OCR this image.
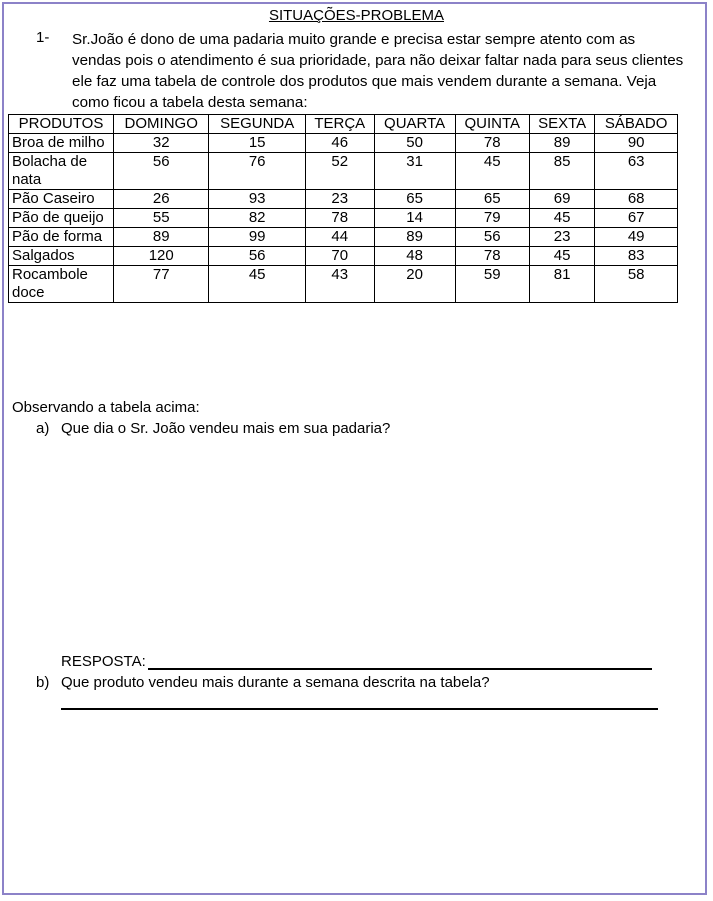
SITUAÇÕES-PROBLEMA
1- Sr.João é dono de uma padaria muito grande e precisa estar sempre atento com as vendas pois o atendimento é sua prioridade, para não deixar faltar nada para seus clientes ele faz uma tabela de controle dos produtos que mais vendem durante a semana. Veja como ficou a tabela desta semana:
PRODUTOS	DOMINGO	SEGUNDA	TERÇA	QUARTA	QUINTA	SEXTA	SÁBADO
Broa de milho	32	15	46	50	78	89	90
Bolacha de nata	56	76	52	31	45	85	63
Pão Caseiro	26	93	23	65	65	69	68
Pão de queijo	55	82	78	14	79	45	67
Pão de forma	89	99	44	89	56	23	49
Salgados	120	56	70	48	78	45	83
Rocambole doce	77	45	43	20	59	81	58
Observando a tabela acima:
a) Que dia o Sr. João vendeu mais em sua padaria?
RESPOSTA:
b) Que produto vendeu mais durante a semana descrita na tabela?
